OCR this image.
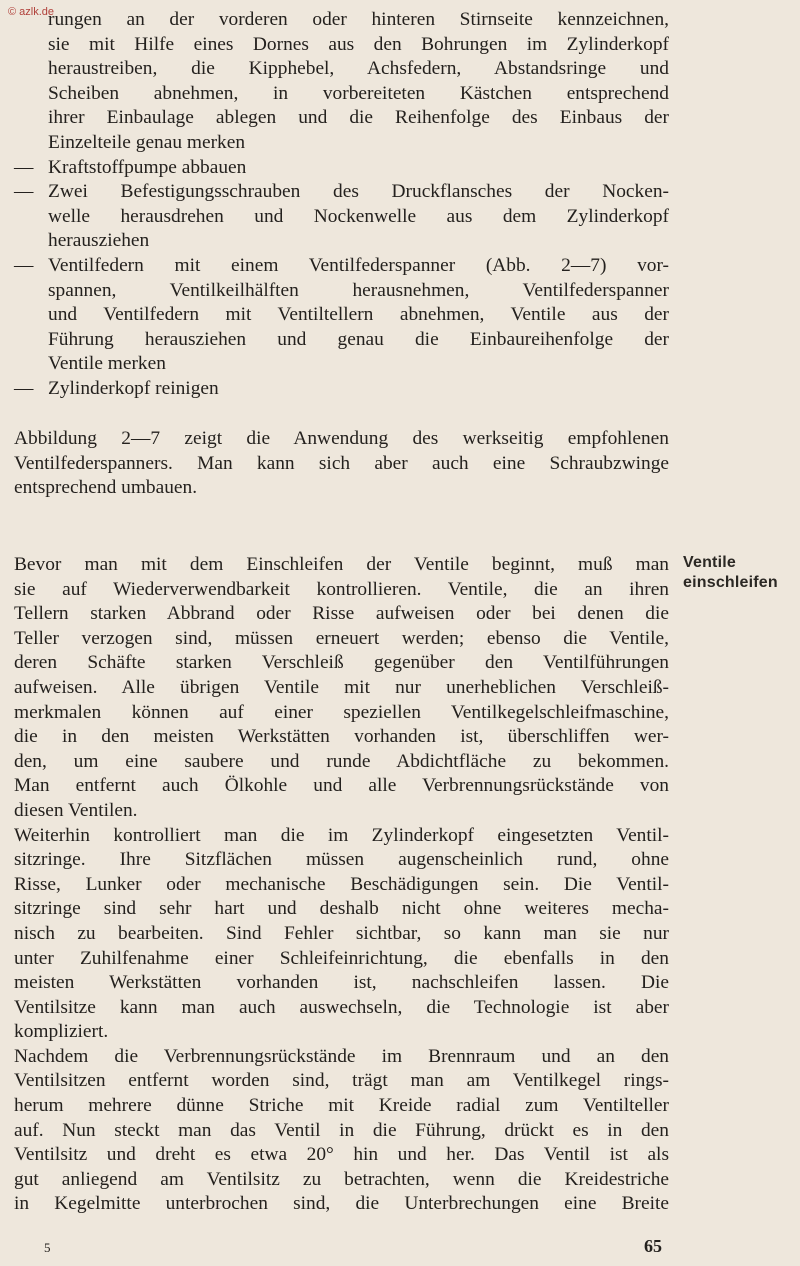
© azlk.de
rungen an der vorderen oder hinteren Stirnseite kennzeichnen,
sie mit Hilfe eines Dornes aus den Bohrungen im Zylinderkopf
heraustreiben, die Kipphebel, Achsfedern, Abstandsringe und
Scheiben abnehmen, in vorbereiteten Kästchen entsprechend
ihrer Einbaulage ablegen und die Reihenfolge des Einbaus der
Einzelteile genau merken
— Kraftstoffpumpe abbauen
— Zwei Befestigungsschrauben des Druckflansches der Nocken-
welle herausdrehen und Nockenwelle aus dem Zylinderkopf
herausziehen
— Ventilfedern mit einem Ventilfederspanner (Abb. 2—7) vor-
spannen, Ventilkeilhälften herausnehmen, Ventilfederspanner
und Ventilfedern mit Ventiltellern abnehmen, Ventile aus der
Führung herausziehen und genau die Einbaureihenfolge der
Ventile merken
— Zylinderkopf reinigen
Abbildung 2—7 zeigt die Anwendung des werkseitig empfohlenen
Ventilfederspanners. Man kann sich aber auch eine Schraubzwinge
entsprechend umbauen.
Ventile
einschleifen
Bevor man mit dem Einschleifen der Ventile beginnt, muß man
sie auf Wiederverwendbarkeit kontrollieren. Ventile, die an ihren
Tellern starken Abbrand oder Risse aufweisen oder bei denen die
Teller verzogen sind, müssen erneuert werden; ebenso die Ventile,
deren Schäfte starken Verschleiß gegenüber den Ventilführungen
aufweisen. Alle übrigen Ventile mit nur unerheblichen Verschleiß-
merkmalen können auf einer speziellen Ventilkegelschleifmaschine,
die in den meisten Werkstätten vorhanden ist, überschliffen wer-
den, um eine saubere und runde Abdichtfläche zu bekommen.
Man entfernt auch Ölkohle und alle Verbrennungsrückstände von
diesen Ventilen.
Weiterhin kontrolliert man die im Zylinderkopf eingesetzten Ventil-
sitzringe. Ihre Sitzflächen müssen augenscheinlich rund, ohne
Risse, Lunker oder mechanische Beschädigungen sein. Die Ventil-
sitzringe sind sehr hart und deshalb nicht ohne weiteres mecha-
nisch zu bearbeiten. Sind Fehler sichtbar, so kann man sie nur
unter Zuhilfenahme einer Schleifeinrichtung, die ebenfalls in den
meisten Werkstätten vorhanden ist, nachschleifen lassen. Die
Ventilsitze kann man auch auswechseln, die Technologie ist aber
kompliziert.
Nachdem die Verbrennungsrückstände im Brennraum und an den
Ventilsitzen entfernt worden sind, trägt man am Ventilkegel rings-
herum mehrere dünne Striche mit Kreide radial zum Ventilteller
auf. Nun steckt man das Ventil in die Führung, drückt es in den
Ventilsitz und dreht es etwa 20° hin und her. Das Ventil ist als
gut anliegend am Ventilsitz zu betrachten, wenn die Kreidestriche
in Kegelmitte unterbrochen sind, die Unterbrechungen eine Breite
5	65
